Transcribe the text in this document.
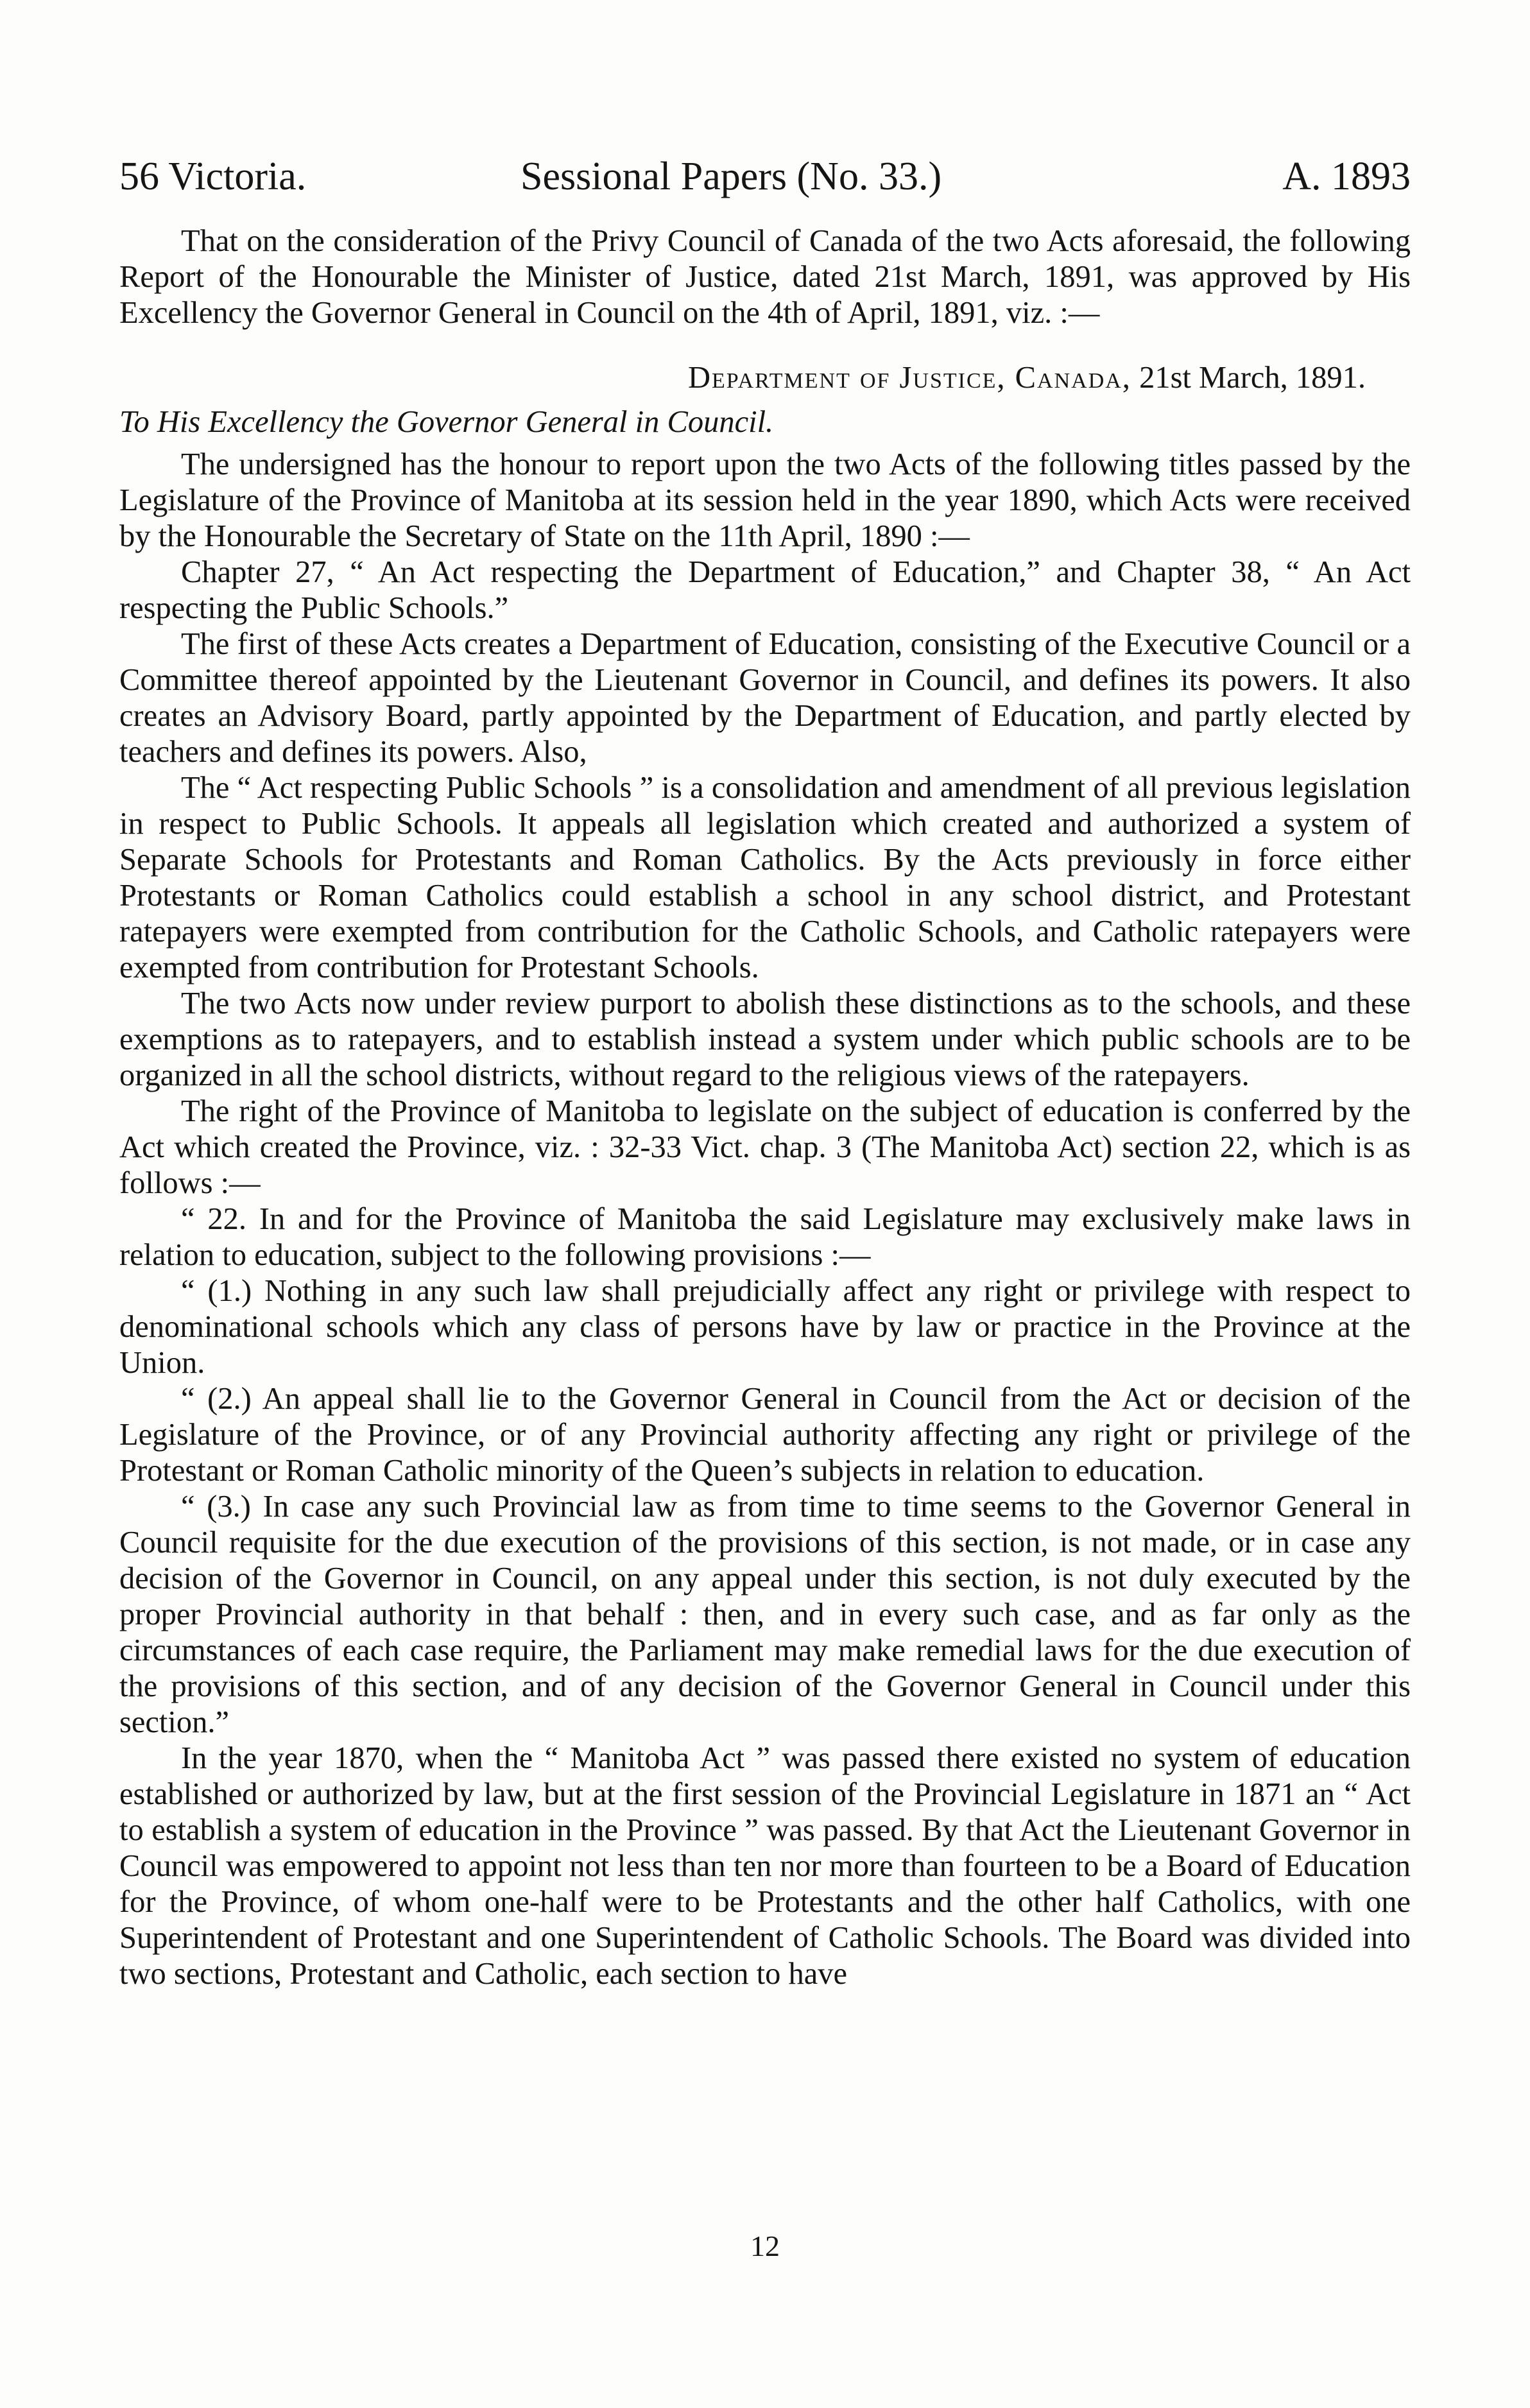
56 Victoria.	Sessional Papers (No. 33.)	A. 1893

That on the consideration of the Privy Council of Canada of the two Acts aforesaid, the following Report of the Honourable the Minister of Justice, dated 21st March, 1891, was approved by His Excellency the Governor General in Council on the 4th of April, 1891, viz. :—

Department of Justice, Canada, 21st March, 1891.

To His Excellency the Governor General in Council.

The undersigned has the honour to report upon the two Acts of the following titles passed by the Legislature of the Province of Manitoba at its session held in the year 1890, which Acts were received by the Honourable the Secretary of State on the 11th April, 1890 :—

Chapter 27, “ An Act respecting the Department of Education,” and Chapter 38, “ An Act respecting the Public Schools.”

The first of these Acts creates a Department of Education, consisting of the Executive Council or a Committee thereof appointed by the Lieutenant Governor in Council, and defines its powers. It also creates an Advisory Board, partly appointed by the Department of Education, and partly elected by teachers and defines its powers. Also,

The “ Act respecting Public Schools ” is a consolidation and amendment of all previous legislation in respect to Public Schools. It appeals all legislation which created and authorized a system of Separate Schools for Protestants and Roman Catholics. By the Acts previously in force either Protestants or Roman Catholics could establish a school in any school district, and Protestant ratepayers were exempted from contribution for the Catholic Schools, and Catholic ratepayers were exempted from contribution for Protestant Schools.

The two Acts now under review purport to abolish these distinctions as to the schools, and these exemptions as to ratepayers, and to establish instead a system under which public schools are to be organized in all the school districts, without regard to the religious views of the ratepayers.

The right of the Province of Manitoba to legislate on the subject of education is conferred by the Act which created the Province, viz. : 32-33 Vict. chap. 3 (The Manitoba Act) section 22, which is as follows :—

“ 22. In and for the Province of Manitoba the said Legislature may exclusively make laws in relation to education, subject to the following provisions :—

“ (1.) Nothing in any such law shall prejudicially affect any right or privilege with respect to denominational schools which any class of persons have by law or practice in the Province at the Union.

“ (2.) An appeal shall lie to the Governor General in Council from the Act or decision of the Legislature of the Province, or of any Provincial authority affecting any right or privilege of the Protestant or Roman Catholic minority of the Queen’s subjects in relation to education.

“ (3.) In case any such Provincial law as from time to time seems to the Governor General in Council requisite for the due execution of the provisions of this section, is not made, or in case any decision of the Governor in Council, on any appeal under this section, is not duly executed by the proper Provincial authority in that behalf : then, and in every such case, and as far only as the circumstances of each case require, the Parliament may make remedial laws for the due execution of the provisions of this section, and of any decision of the Governor General in Council under this section.”

In the year 1870, when the “ Manitoba Act ” was passed there existed no system of education established or authorized by law, but at the first session of the Provincial Legislature in 1871 an “ Act to establish a system of education in the Province ” was passed. By that Act the Lieutenant Governor in Council was empowered to appoint not less than ten nor more than fourteen to be a Board of Education for the Province, of whom one-half were to be Protestants and the other half Catholics, with one Superintendent of Protestant and one Superintendent of Catholic Schools. The Board was divided into two sections, Protestant and Catholic, each section to have

12
